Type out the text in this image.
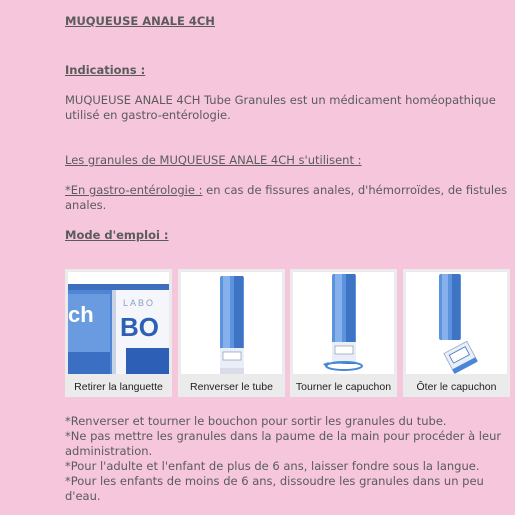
MUQUEUSE ANALE 4CH

Indications :

MUQUEUSE ANALE 4CH Tube Granules est un médicament homéopathique utilisé en gastro-entérologie.

Les granules de MUQUEUSE ANALE 4CH s'utilisent :

*En gastro-entérologie : en cas de fissures anales, d'hémorroïdes, de fistules anales.

Mode d'emploi :

LABO
BO
ch
Retirer la languette	Renverser le tube	Tourner le capuchon	Ôter le capuchon

*Renverser et tourner le bouchon pour sortir les granules du tube.

*Ne pas mettre les granules dans la paume de la main pour procéder à leur administration.

*Pour l'adulte et l'enfant de plus de 6 ans, laisser fondre sous la langue.

*Pour les enfants de moins de 6 ans, dissoudre les granules dans un peu d'eau.
